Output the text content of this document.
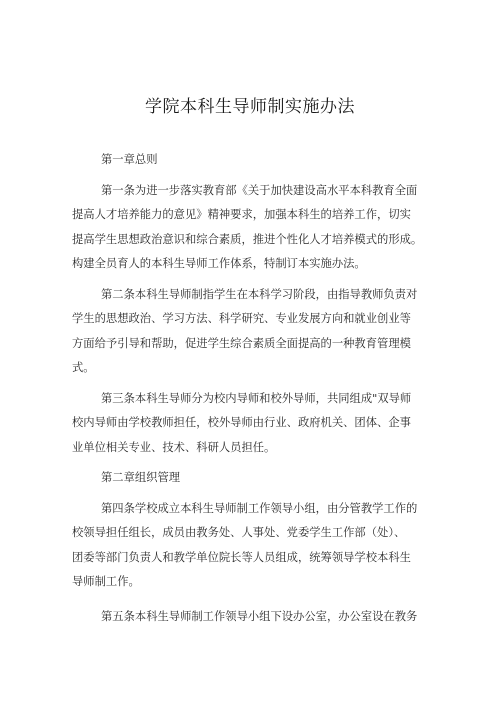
学院本科生导师制实施办法

第一章总则

第一条为进一步落实教育部《关于加快建设高水平本科教育全面
提高人才培养能力的意见》精神要求，加强本科生的培养工作，切实
提高学生思想政治意识和综合素质，推进个性化人才培养模式的形成。
构建全员育人的本科生导师工作体系，特制订本实施办法。
第二条本科生导师制指学生在本科学习阶段，由指导教师负责对
学生的思想政治、学习方法、科学研究、专业发展方向和就业创业等
方面给予引导和帮助，促进学生综合素质全面提高的一种教育管理模
式。
第三条本科生导师分为校内导师和校外导师，共同组成"双导师
校内导师由学校教师担任，校外导师由行业、政府机关、团体、企事
业单位相关专业、技术、科研人员担任。

第二章组织管理

第四条学校成立本科生导师制工作领导小组，由分管教学工作的
校领导担任组长，成员由教务处、人事处、党委学生工作部（处）、
团委等部门负责人和教学单位院长等人员组成，统筹领导学校本科生
导师制工作。
第五条本科生导师制工作领导小组下设办公室，办公室设在教务
